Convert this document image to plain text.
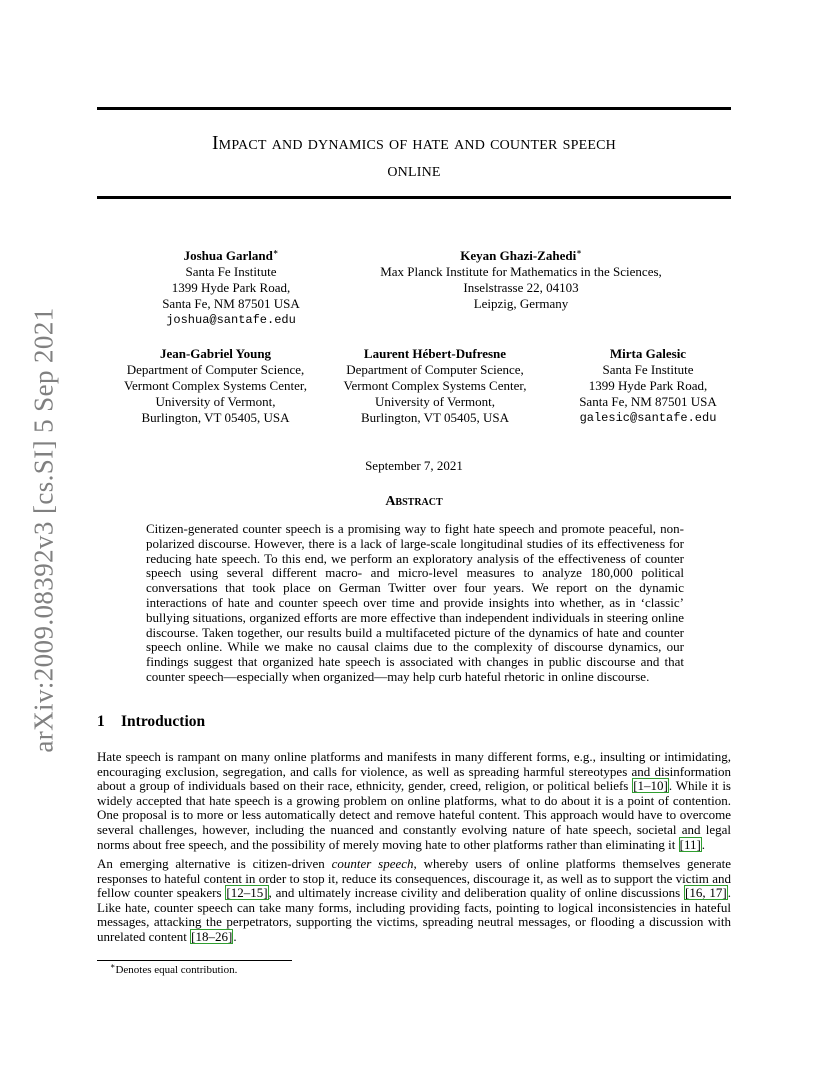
arXiv:2009.08392v3 [cs.SI] 5 Sep 2021
Impact and dynamics of hate and counter speech
online
Joshua Garland∗
Santa Fe Institute
1399 Hyde Park Road,
Santa Fe, NM 87501 USA
joshua@santafe.edu
Keyan Ghazi-Zahedi∗
Max Planck Institute for Mathematics in the Sciences,
Inselstrasse 22, 04103
Leipzig, Germany
Jean-Gabriel Young
Department of Computer Science,
Vermont Complex Systems Center,
University of Vermont,
Burlington, VT 05405, USA
Laurent Hébert-Dufresne
Department of Computer Science,
Vermont Complex Systems Center,
University of Vermont,
Burlington, VT 05405, USA
Mirta Galesic
Santa Fe Institute
1399 Hyde Park Road,
Santa Fe, NM 87501 USA
galesic@santafe.edu
September 7, 2021
Abstract
Citizen-generated counter speech is a promising way to fight hate speech and promote peaceful, non-polarized discourse. However, there is a lack of large-scale longitudinal studies of its effectiveness for reducing hate speech. To this end, we perform an exploratory analysis of the effectiveness of counter speech using several different macro- and micro-level measures to analyze 180,000 political conversations that took place on German Twitter over four years. We report on the dynamic interactions of hate and counter speech over time and provide insights into whether, as in ‘classic’ bullying situations, organized efforts are more effective than independent individuals in steering online discourse. Taken together, our results build a multifaceted picture of the dynamics of hate and counter speech online. While we make no causal claims due to the complexity of discourse dynamics, our findings suggest that organized hate speech is associated with changes in public discourse and that counter speech—especially when organized—may help curb hateful rhetoric in online discourse.
1 Introduction

Hate speech is rampant on many online platforms and manifests in many different forms, e.g., insulting or intimidating, encouraging exclusion, segregation, and calls for violence, as well as spreading harmful stereotypes and disinformation about a group of individuals based on their race, ethnicity, gender, creed, religion, or political beliefs [1–10]. While it is widely accepted that hate speech is a growing problem on online platforms, what to do about it is a point of contention. One proposal is to more or less automatically detect and remove hateful content. This approach would have to overcome several challenges, however, including the nuanced and constantly evolving nature of hate speech, societal and legal norms about free speech, and the possibility of merely moving hate to other platforms rather than eliminating it [11].

An emerging alternative is citizen-driven counter speech, whereby users of online platforms themselves generate responses to hateful content in order to stop it, reduce its consequences, discourage it, as well as to support the victim and fellow counter speakers [12–15], and ultimately increase civility and deliberation quality of online discussions [16, 17]. Like hate, counter speech can take many forms, including providing facts, pointing to logical inconsistencies in hateful messages, attacking the perpetrators, supporting the victims, spreading neutral messages, or flooding a discussion with unrelated content [18–26].

∗Denotes equal contribution.
